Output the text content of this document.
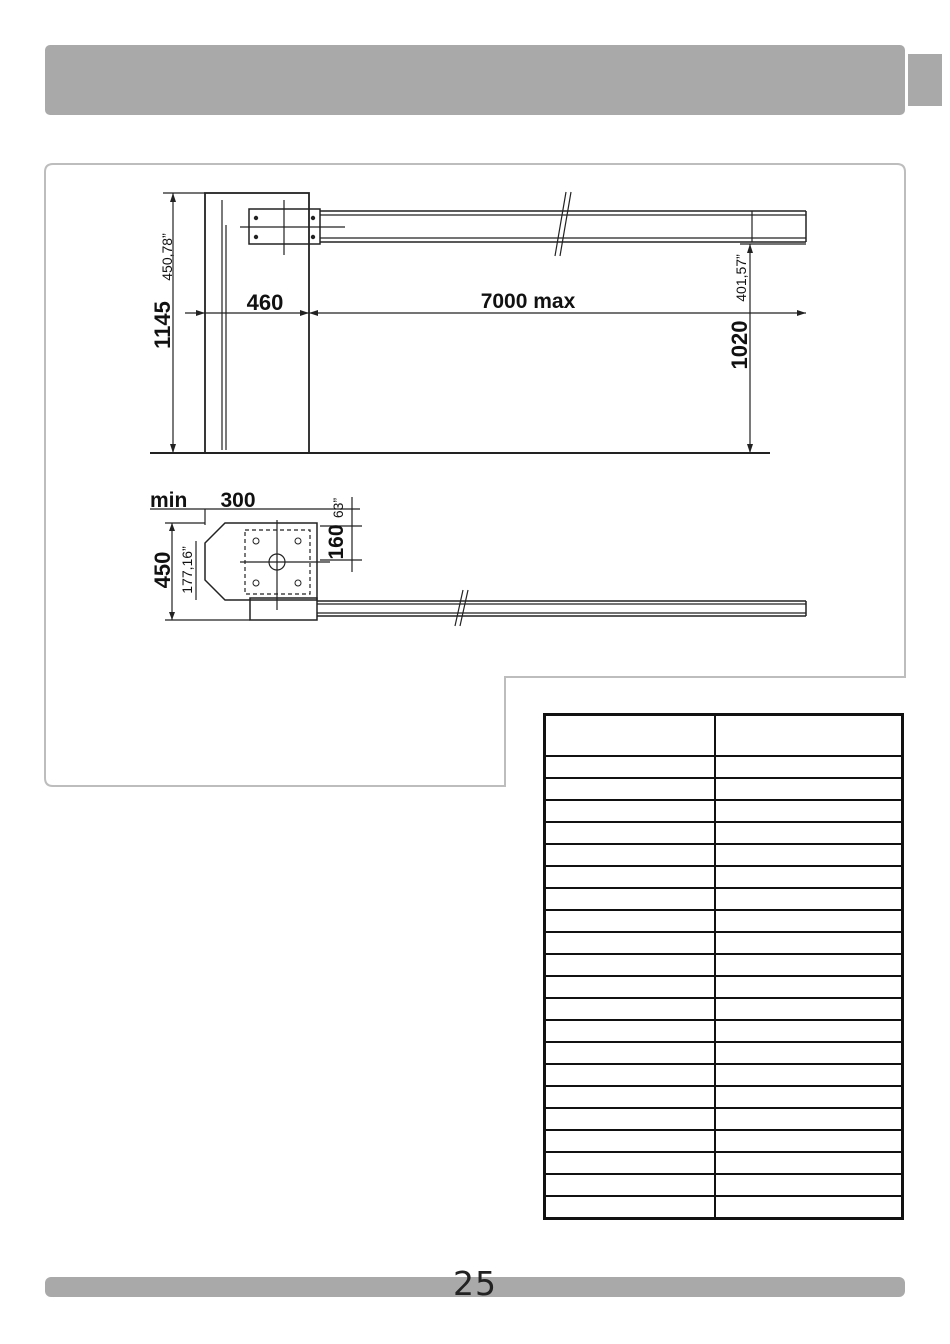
1145
450,78”
460	7000 max
1020
401,57”
min 300
450 177,16”
160
63”

25
